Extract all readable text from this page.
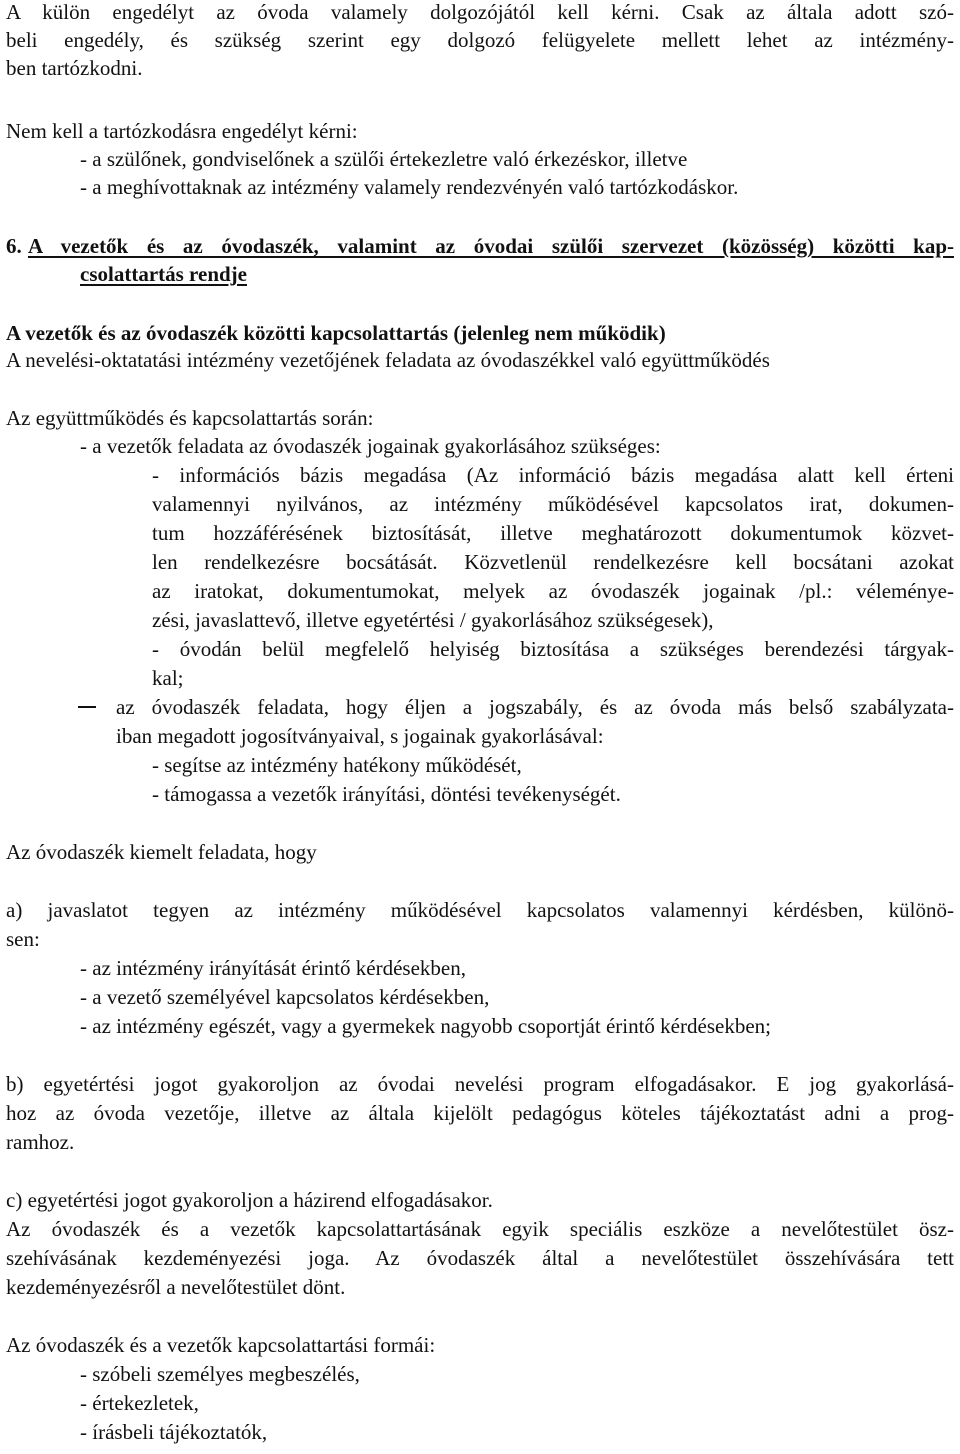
A külön engedélyt az óvoda valamely dolgozójától kell kérni. Csak az általa adott szó-
beli engedély, és szükség szerint egy dolgozó felügyelete mellett lehet az intézmény-
ben tartózkodni.
Nem kell a tartózkodásra engedélyt kérni:
- a szülőnek, gondviselőnek a szülői értekezletre való érkezéskor, illetve
- a meghívottaknak az intézmény valamely rendezvényén való tartózkodáskor.
6. A vezetők és az óvodaszék, valamint az óvodai szülői szervezet (közösség) közötti kap-
csolattartás rendje
A vezetők és az óvodaszék közötti kapcsolattartás (jelenleg nem működik)
A nevelési-oktatatási intézmény vezetőjének feladata az óvodaszékkel való együttműködés
Az együttműködés és kapcsolattartás során:
- a vezetők feladata az óvodaszék jogainak gyakorlásához szükséges:
- információs bázis megadása (Az információ bázis megadása alatt kell érteni
valamennyi nyilvános, az intézmény működésével kapcsolatos irat, dokumen-
tum hozzáférésének biztosítását, illetve meghatározott dokumentumok közvet-
len rendelkezésre bocsátását. Közvetlenül rendelkezésre kell bocsátani azokat
az iratokat, dokumentumokat, melyek az óvodaszék jogainak /pl.: véleménye-
zési, javaslattevő, illetve egyetértési / gyakorlásához szükségesek),
- óvodán belül megfelelő helyiség biztosítása a szükséges berendezési tárgyak-
kal;
az óvodaszék feladata, hogy éljen a jogszabály, és az óvoda más belső szabályzata-
iban megadott jogosítványaival, s jogainak gyakorlásával:
- segítse az intézmény hatékony működését,
- támogassa a vezetők irányítási, döntési tevékenységét.
Az óvodaszék kiemelt feladata, hogy
a) javaslatot tegyen az intézmény működésével kapcsolatos valamennyi kérdésben, különö-
sen:
- az intézmény irányítását érintő kérdésekben,
- a vezető személyével kapcsolatos kérdésekben,
- az intézmény egészét, vagy a gyermekek nagyobb csoportját érintő kérdésekben;
b) egyetértési jogot gyakoroljon az óvodai nevelési program elfogadásakor. E jog gyakorlásá-
hoz az óvoda vezetője, illetve az általa kijelölt pedagógus köteles tájékoztatást adni a prog-
ramhoz.
c) egyetértési jogot gyakoroljon a házirend elfogadásakor.
Az óvodaszék és a vezetők kapcsolattartásának egyik speciális eszköze a nevelőtestület ösz-
szehívásának kezdeményezési joga. Az óvodaszék által a nevelőtestület összehívására tett
kezdeményezésről a nevelőtestület dönt.
Az óvodaszék és a vezetők kapcsolattartási formái:
- szóbeli személyes megbeszélés,
- értekezletek,
- írásbeli tájékoztatók,
